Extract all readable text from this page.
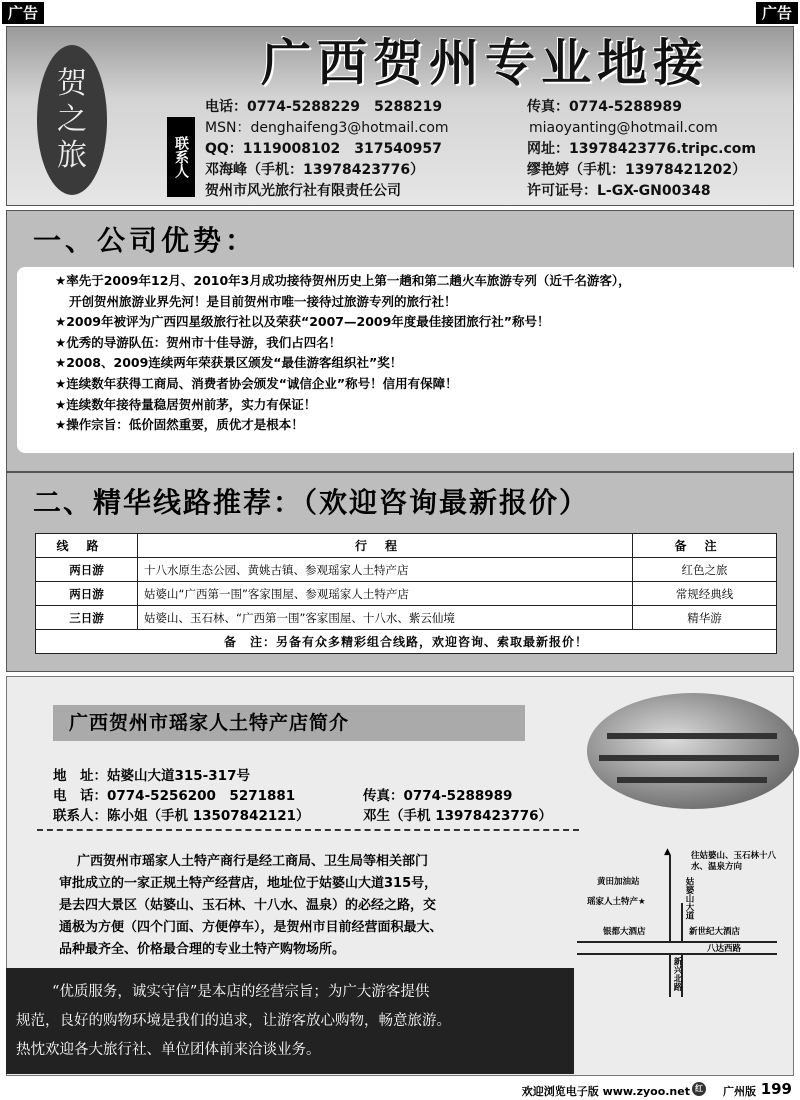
广告	广告
贺
之
旅
广西贺州专业地接
联系人
电话：0774-5288229　5288219	传真：0774-5288989
MSN：denghaifeng3@hotmail.com	miaoyanting@hotmail.com
QQ：1119008102　317540957	网址：13978423776.tripc.com
邓海峰（手机：13978423776）	缪艳婷（手机：13978421202）
贺州市风光旅行社有限责任公司	许可证号：L-GX-GN00348
一、公司优势：
★率先于2009年12月、2010年3月成功接待贺州历史上第一趟和第二趟火车旅游专列（近千名游客），
开创贺州旅游业界先河！是目前贺州市唯一接待过旅游专列的旅行社！
★2009年被评为广西四星级旅行社以及荣获“2007—2009年度最佳接团旅行社”称号！
★优秀的导游队伍：贺州市十佳导游，我们占四名！
★2008、2009连续两年荣获景区颁发“最佳游客组织社”奖！
★连续数年获得工商局、消费者协会颁发“诚信企业”称号！信用有保障！
★连续数年接待量稳居贺州前茅，实力有保证！
★操作宗旨：低价固然重要，质优才是根本！
二、精华线路推荐：（欢迎咨询最新报价）
线路	行程	备注
两日游	十八水原生态公园、黄姚古镇、参观瑶家人土特产店	红色之旅
两日游	姑婆山“广西第一围”客家围屋、参观瑶家人土特产店	常规经典线
三日游	姑婆山、玉石林、“广西第一围”客家围屋、十八水、紫云仙境	精华游
备　注：另备有众多精彩组合线路，欢迎咨询、索取最新报价！		
广西贺州市瑶家人土特产店简介
地　址：姑婆山大道315-317号
电　话：0774-5256200　5271881	传真：0774-5288989
联系人：陈小姐（手机 13507842121）	邓生（手机 13978423776）

广西贺州市瑶家人土特产商行是经工商局、卫生局等相关部门

审批成立的一家正规土特产经营店，地址位于姑婆山大道315号，

是去四大景区（姑婆山、玉石林、十八水、温泉）的必经之路，交

通极为方便（四个门面、方便停车），是贺州市目前经营面积最大、

品种最齐全、价格最合理的专业土特产购物场所。

▲ 往姑婆山、玉石林十八水、温泉方向
黄田加油站
瑶家人土特产★	姑婆山大道
银都大酒店	新世纪大酒店
八达西路
新兴北路

“优质服务，诚实守信”是本店的经营宗旨；为广大游客提供

规范，良好的购物环境是我们的追求，让游客放心购物，畅意旅游。

热忱欢迎各大旅行社、单位团体前来洽谈业务。

欢迎浏览电子版 www.zyoo.net 红 广州版 199
